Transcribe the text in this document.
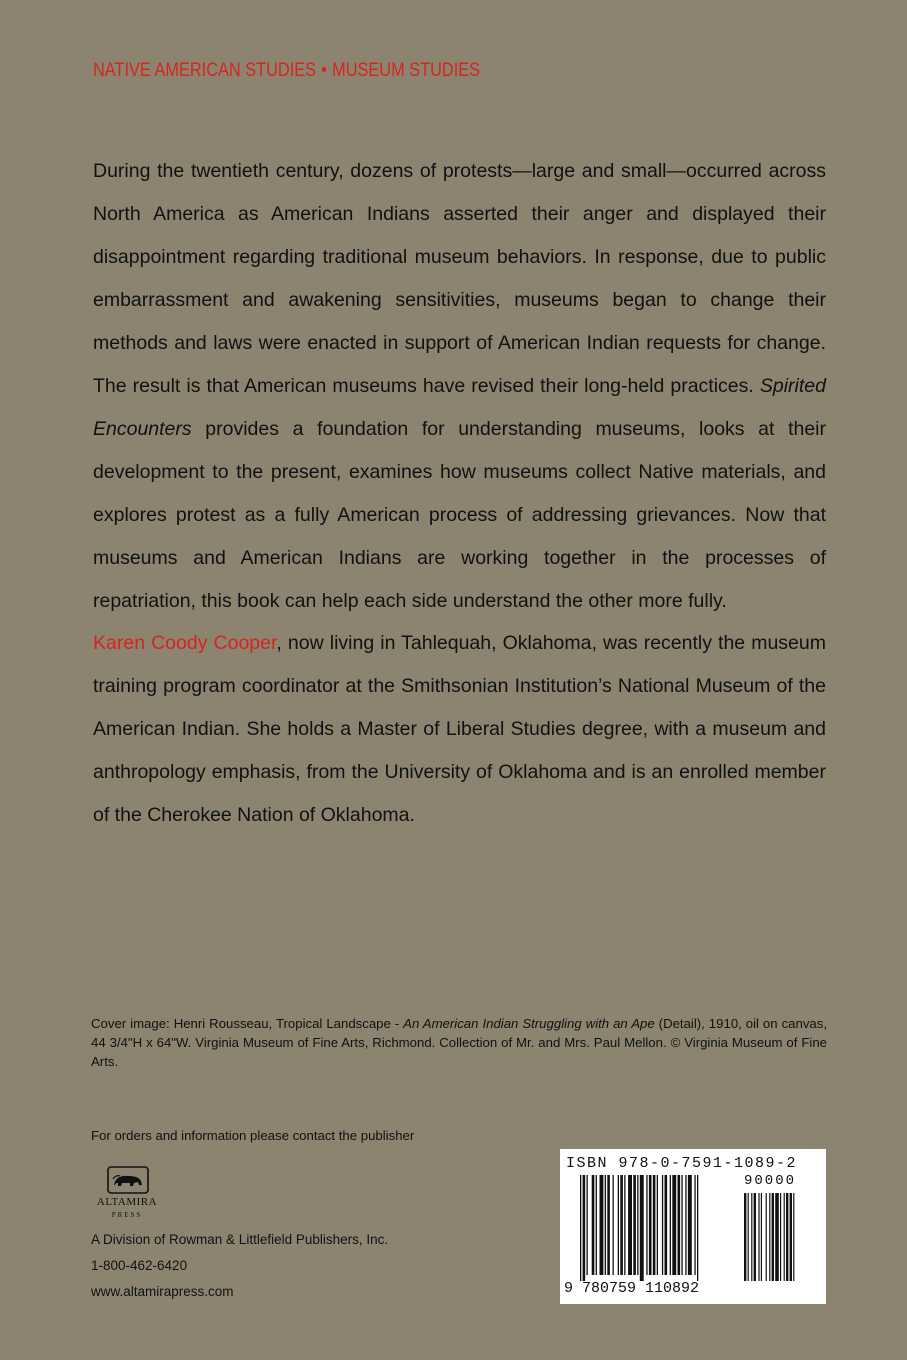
NATIVE AMERICAN STUDIES • MUSEUM STUDIES
During the twentieth century, dozens of protests—large and small—occurred across North America as American Indians asserted their anger and displayed their disappointment regarding traditional museum behaviors. In response, due to public embarrassment and awakening sensitivities, museums began to change their methods and laws were enacted in support of American Indian requests for change. The result is that American museums have revised their long-held practices. Spirited Encounters provides a foundation for understanding museums, looks at their development to the present, examines how museums collect Native materials, and explores protest as a fully American process of addressing grievances. Now that museums and American Indians are working together in the processes of repatriation, this book can help each side understand the other more fully.
Karen Coody Cooper, now living in Tahlequah, Oklahoma, was recently the museum training program coordinator at the Smithsonian Institution’s National Museum of the American Indian. She holds a Master of Liberal Studies degree, with a museum and anthropology emphasis, from the University of Oklahoma and is an enrolled member of the Cherokee Nation of Oklahoma.
Cover image: Henri Rousseau, Tropical Landscape - An American Indian Struggling with an Ape (Detail), 1910, oil on canvas, 44 3/4"H x 64"W. Virginia Museum of Fine Arts, Richmond. Collection of Mr. and Mrs. Paul Mellon. © Virginia Museum of Fine Arts.
For orders and information please contact the publisher
ALTAMIRA
PRESS
A Division of Rowman & Littlefield Publishers, Inc.
1-800-462-6420
www.altamirapress.com
ISBN 978-0-7591-1089-2
90000
9 780759 110892
